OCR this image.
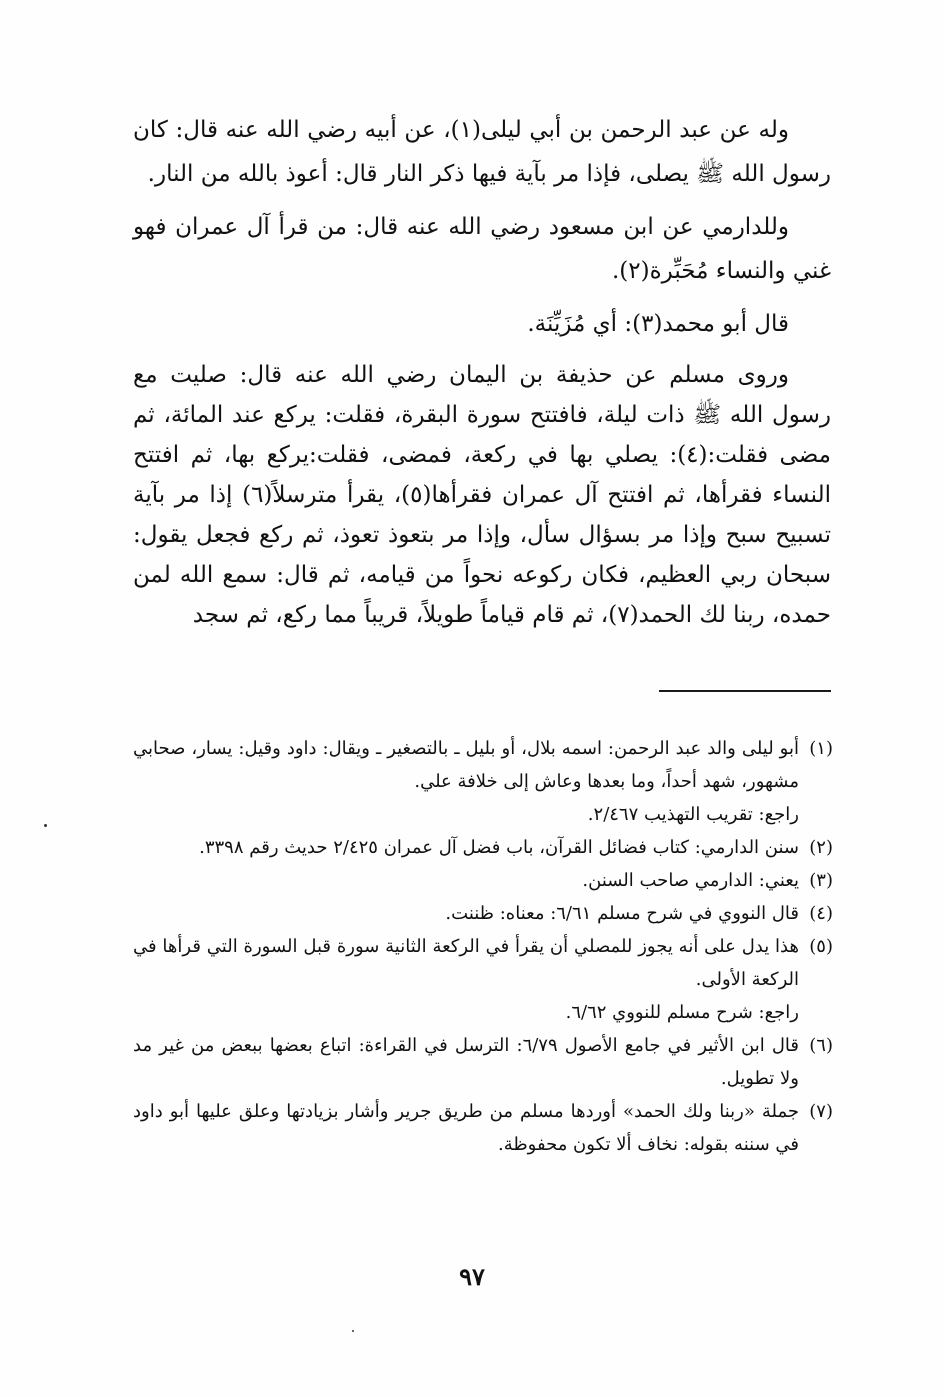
وله عن عبد الرحمن بن أبي ليلى(١)، عن أبيه رضي الله عنه قال: كان رسول الله ﷺ يصلى، فإذا مر بآية فيها ذكر النار قال: أعوذ بالله من النار.

وللدارمي عن ابن مسعود رضي الله عنه قال: من قرأ آل عمران فهو غني والنساء مُحَبِّرة(٢).

قال أبو محمد(٣): أي مُزَيِّنَة.

وروى مسلم عن حذيفة بن اليمان رضي الله عنه قال: صليت مع رسول الله ﷺ ذات ليلة، فافتتح سورة البقرة، فقلت: يركع عند المائة، ثم مضى فقلت:(٤): يصلي بها في ركعة، فمضى، فقلت:يركع بها، ثم افتتح النساء فقرأها، ثم افتتح آل عمران فقرأها(٥)، يقرأ مترسلاً(٦) إذا مر بآية تسبيح سبح وإذا مر بسؤال سأل، وإذا مر بتعوذ تعوذ، ثم ركع فجعل يقول: سبحان ربي العظيم، فكان ركوعه نحواً من قيامه، ثم قال: سمع الله لمن حمده، ربنا لك الحمد(٧)، ثم قام قياماً طويلاً، قريباً مما ركع، ثم سجد

(١)أبو ليلى والد عبد الرحمن: اسمه بلال، أو بليل ـ بالتصغير ـ ويقال: داود وقيل: يسار، صحابي مشهور، شهد أحداً، وما بعدها وعاش إلى خلافة علي.
راجع: تقريب التهذيب ٢/٤٦٧.
(٢)سنن الدارمي: كتاب فضائل القرآن، باب فضل آل عمران ٢/٤٢٥ حديث رقم ٣٣٩٨.
(٣)يعني: الدارمي صاحب السنن.
(٤)قال النووي في شرح مسلم ٦/٦١: معناه: ظننت.
(٥)هذا يدل على أنه يجوز للمصلي أن يقرأ في الركعة الثانية سورة قبل السورة التي قرأها في الركعة الأولى.
راجع: شرح مسلم للنووي ٦/٦٢.
(٦)قال ابن الأثير في جامع الأصول ٦/٧٩: الترسل في القراءة: اتباع بعضها ببعض من غير مد ولا تطويل.
(٧)جملة «ربنا ولك الحمد» أوردها مسلم من طريق جرير وأشار بزيادتها وعلق عليها أبو داود في سننه بقوله: نخاف ألا تكون محفوظة.
٩٧
